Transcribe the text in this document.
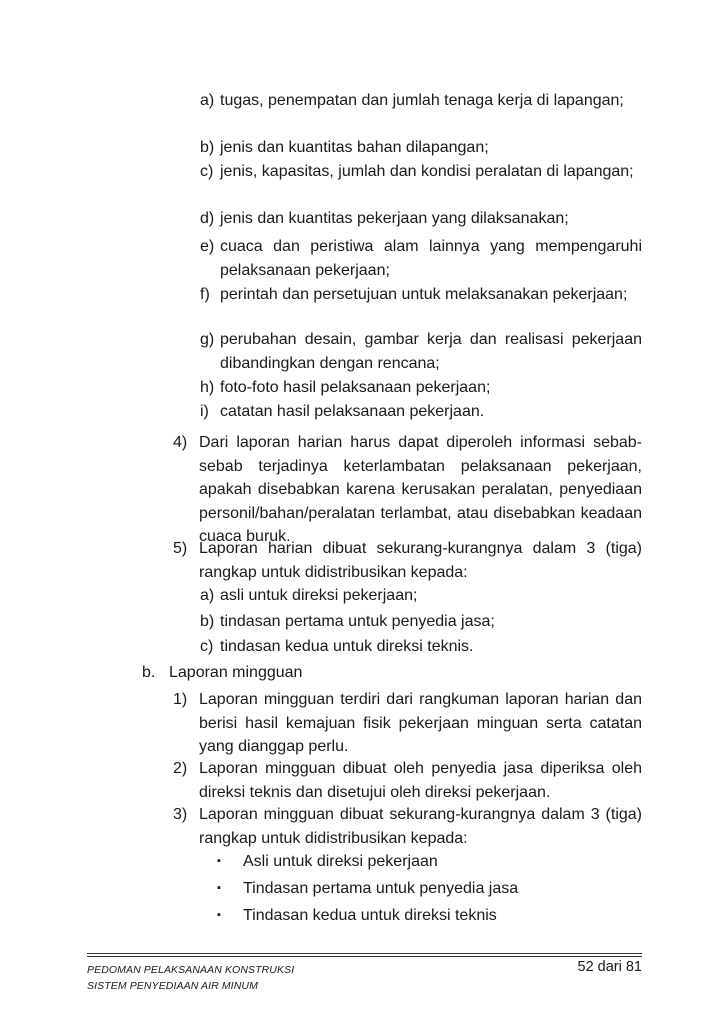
a) tugas, penempatan dan jumlah tenaga kerja di lapangan;
b) jenis dan kuantitas bahan dilapangan;
c) jenis, kapasitas, jumlah dan kondisi peralatan di lapangan;
d) jenis dan kuantitas pekerjaan yang dilaksanakan;
e) cuaca dan peristiwa alam lainnya yang mempengaruhi pelaksanaan pekerjaan;
f) perintah dan persetujuan untuk melaksanakan pekerjaan;
g) perubahan desain, gambar kerja dan realisasi pekerjaan dibandingkan dengan rencana;
h) foto-foto hasil pelaksanaan pekerjaan;
i) catatan hasil pelaksanaan pekerjaan.
4) Dari laporan harian harus dapat diperoleh informasi sebab-sebab terjadinya keterlambatan pelaksanaan pekerjaan, apakah disebabkan karena kerusakan peralatan, penyediaan personil/bahan/peralatan terlambat, atau disebabkan keadaan cuaca buruk.
5) Laporan harian dibuat sekurang-kurangnya dalam 3 (tiga) rangkap untuk didistribusikan kepada:
a) asli untuk direksi pekerjaan;
b) tindasan pertama untuk penyedia jasa;
c) tindasan kedua untuk direksi teknis.
b. Laporan mingguan
1) Laporan mingguan terdiri dari rangkuman laporan harian dan berisi hasil kemajuan fisik pekerjaan minguan serta catatan yang dianggap perlu.
2) Laporan mingguan dibuat oleh penyedia jasa diperiksa oleh direksi teknis dan disetujui oleh direksi pekerjaan.
3) Laporan mingguan dibuat sekurang-kurangnya dalam 3 (tiga) rangkap untuk didistribusikan kepada:
▪	Asli untuk direksi pekerjaan
▪	Tindasan pertama untuk penyedia jasa
▪	Tindasan kedua untuk direksi teknis
PEDOMAN PELAKSANAAN KONSTRUKSI
SISTEM PENYEDIAAN AIR MINUM
52 dari 81
